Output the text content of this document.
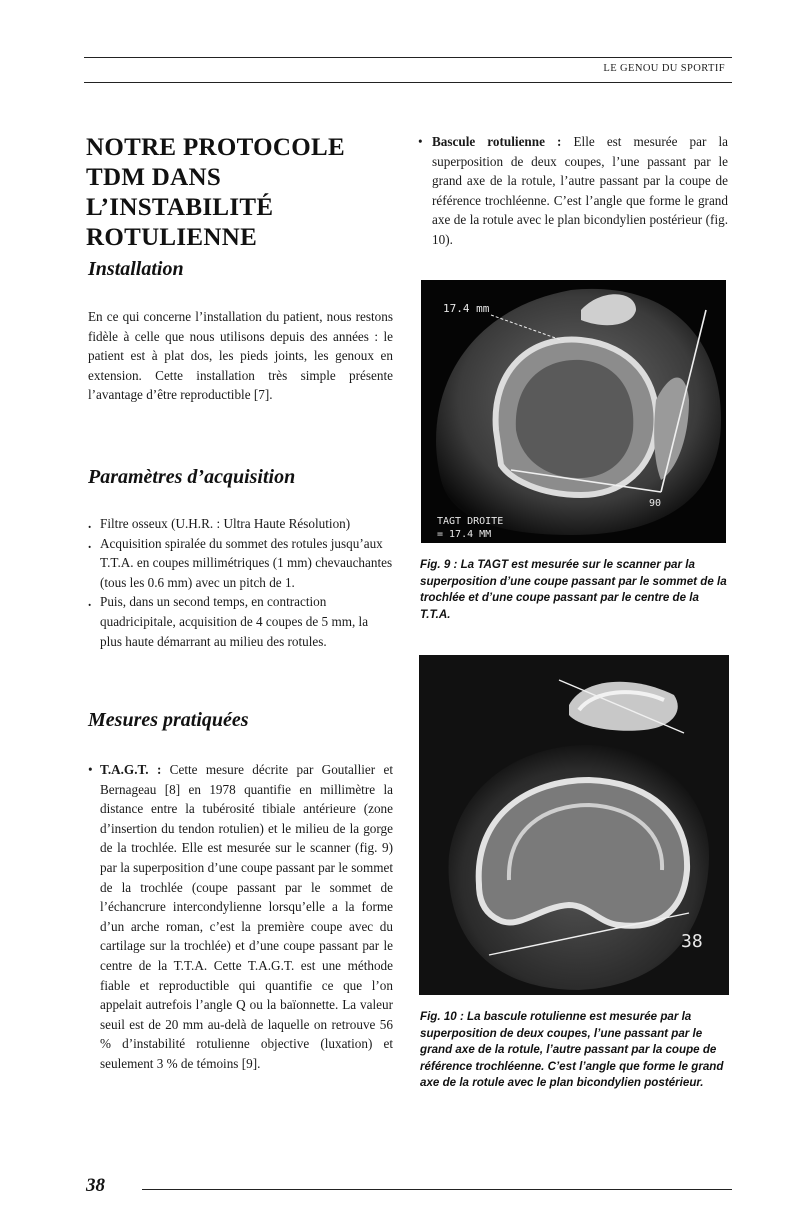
LE GENOU DU SPORTIF
NOTRE PROTOCOLE TDM DANS L’INSTABILITÉ ROTULIENNE
Installation

En ce qui concerne l’installation du patient, nous restons fidèle à celle que nous utilisons depuis des années : le patient est à plat dos, les pieds joints, les genoux en extension. Cette installation très simple présente l’avantage d’être reproductible [7].

Paramètres d’acquisition
. Filtre osseux (U.H.R. : Ultra Haute Résolution)
. Acquisition spiralée du sommet des rotules jusqu’aux T.T.A. en coupes millimétriques (1 mm) chevauchantes (tous les 0.6 mm) avec un pitch de 1.
. Puis, dans un second temps, en contraction quadricipitale, acquisition de 4 coupes de 5 mm, la plus haute démarrant au milieu des rotules.
Mesures pratiquées
• T.A.G.T. : Cette mesure décrite par Goutallier et Bernageau [8] en 1978 quantifie en millimètre la distance entre la tubérosité tibiale antérieure (zone d’insertion du tendon rotulien) et le milieu de la gorge de la trochlée. Elle est mesurée sur le scanner (fig. 9) par la superposition d’une coupe passant par le sommet de la trochlée (coupe passant par le sommet de l’échancrure intercondylienne lorsqu’elle a la forme d’un arche roman, c’est la première coupe avec du cartilage sur la trochlée) et d’une coupe passant par le centre de la T.T.A. Cette T.A.G.T. est une méthode fiable et reproductible qui quantifie ce que l’on appelait autrefois l’angle Q ou la baïonnette. La valeur seuil est de 20 mm au-delà de laquelle on retrouve 56 % d’instabilité rotulienne objective (luxation) et seulement 3 % de témoins [9].
• Bascule rotulienne : Elle est mesurée par la superposition de deux coupes, l’une passant par le grand axe de la rotule, l’autre passant par la coupe de référence trochléenne. C’est l’angle que forme le grand axe de la rotule avec le plan bicondylien postérieur (fig. 10).
17.4 mm
90
TAGT DROITE
= 17.4 MM

Fig. 9 : La TAGT est mesurée sur le scanner par la superposition d’une coupe passant par le sommet de la trochlée et d’une coupe passant par le centre de la T.T.A.

38

Fig. 10 : La bascule rotulienne est mesurée par la superposition de deux coupes, l’une passant par le grand axe de la rotule, l’autre passant par la coupe de référence trochléenne. C’est l’angle que forme le grand axe de la rotule avec le plan bicondylien postérieur.

38
